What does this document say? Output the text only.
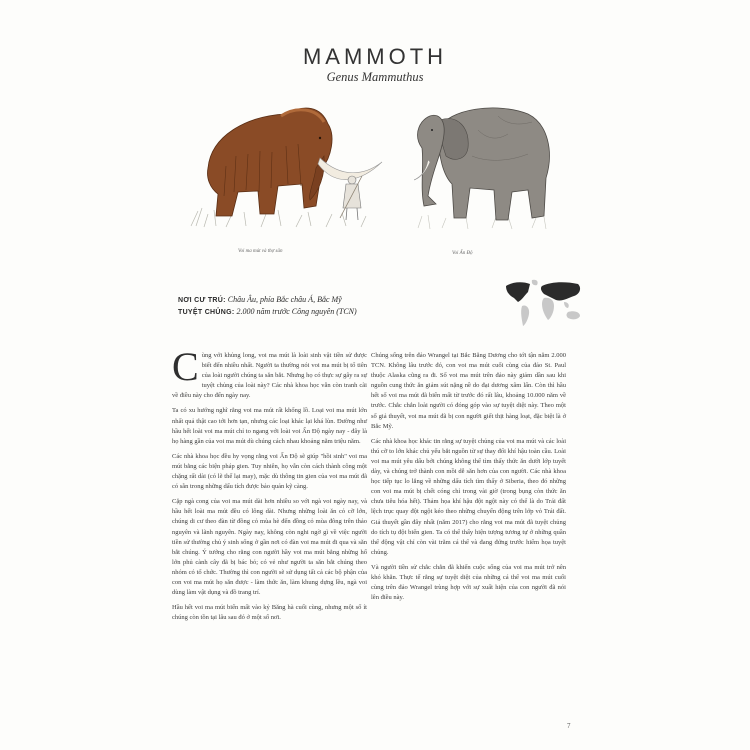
MAMMOTH
Genus Mammuthus
Voi ma mút và thợ săn	Voi Ấn Độ
NƠI CƯ TRÚ: Châu Âu, phía Bắc châu Á, Bắc Mỹ
TUYỆT CHỦNG: 2.000 năm trước Công nguyên (TCN)

Cùng với khủng long, voi ma mút là loài sinh vật tiền sử được biết đến nhiều nhất. Người ta thường nói voi ma mút bị tổ tiên của loài người chúng ta săn bắt. Nhưng họ có thực sự gây ra sự tuyệt chủng của loài này? Các nhà khoa học vẫn còn tranh cãi về điều này cho đến ngày nay.

Ta có xu hướng nghĩ rằng voi ma mút rất khổng lồ. Loại voi ma mút lớn nhất quả thật cao tới hơn tạn, nhưng các loại khác lại khá lùn. Đường như hầu hết loài voi ma mút chỉ to ngang với loài voi Ấn Độ ngày nay - đây là họ hàng gần của voi ma mút dù chúng cách nhau khoảng năm triệu năm.

Các nhà khoa học đều hy vọng rằng voi Ấn Độ sẽ giúp "hồi sinh" voi ma mút bằng các biện pháp gien. Tuy nhiên, họ vẫn còn cách thành công một chặng rất dài (có lẽ thế lại may), mặc dù thông tin gien của voi ma mút đã có sẵn trong những dấu tích được bảo quản kỹ càng.

Cặp ngà cong của voi ma mút dài hơn nhiều so với ngà voi ngày nay, và hầu hết loài ma mút đều có lông dài. Nhưng những loài ăn cỏ cỡ lớn, chúng di cư theo đàn từ đồng cỏ mùa hè đến đồng cỏ mùa đông trên thảo nguyên và lãnh nguyên. Ngày nay, không còn nghi ngờ gì về việc người tiền sử thường chủ ý sinh sống ở gần nơi có đàn voi ma mút đi qua và săn bắt chúng. Ý tưởng cho rằng con người hầy voi ma mút bằng những hố lớn phủ cành cây đã bị bác bỏ; có vẻ như người ta săn bắt chúng theo nhóm có tổ chức. Thường thì con người sẽ sử dụng tất cả các bộ phận của con voi ma mút họ săn được - làm thức ăn, làm khung dựng lều, ngà voi dùng làm vật dụng và đồ trang trí.

Hầu hết voi ma mút biến mất vào kỷ Băng hà cuối cùng, nhưng một số ít chúng còn tồn tại lâu sau đó ở một số nơi.

Chúng sống trên đảo Wrangel tại Bắc Băng Dương cho tới tận năm 2.000 TCN. Không lâu trước đó, con voi ma mút cuối cùng của đảo St. Paul thuộc Alaska cũng ra đi. Số voi ma mút trên đảo này giảm dần sau khi nguồn cung thức ăn giảm sút nặng nề do đại dương xâm lấn. Còn thì hầu hết số voi ma mút đã biến mất từ trước đó rất lâu, khoảng 10.000 năm về trước. Chắc chắn loài người có đóng góp vào sự tuyệt diệt này. Theo một số giả thuyết, voi ma mút đã bị con người giết thịt hàng loạt, đặc biệt là ở Bắc Mỹ.

Các nhà khoa học khác tin rằng sự tuyệt chủng của voi ma mút và các loài thú cỡ to lớn khác chủ yếu bắt nguồn từ sự thay đổi khí hậu toàn cầu. Loài voi ma mút yêu dấu bởi chúng không thể tìm thấy thức ăn dưới lớp tuyết dày, và chúng trở thành con mồi dễ săn hơn của con người. Các nhà khoa học tiếp tục lo lắng về những dấu tích tìm thấy ở Siberia, theo đó những con voi ma mút bị chết cóng chỉ trong vài giờ (trong bụng còn thức ăn chưa tiêu hóa hết). Thảm họa khí hậu đột ngột này có thể là do Trái đất lệch trục quay đột ngột kéo theo những chuyến động trên lớp vỏ Trái đất. Giả thuyết gần đây nhất (năm 2017) cho rằng voi ma mút đã tuyệt chủng do tích tụ đột biến gien. Ta có thể thấy hiện tượng tương tự ở những quần thể động vật chỉ còn vài trăm cá thể và đang đứng trước hiểm họa tuyệt chủng.

Và người tiền sử chắc chắn đã khiến cuộc sống của voi ma mút trở nên khó khăn. Thực tế rằng sự tuyệt diệt của những cá thể voi ma mút cuối cùng trên đảo Wrangel trùng hợp với sự xuất hiện của con người đã nói lên điều này.

7
